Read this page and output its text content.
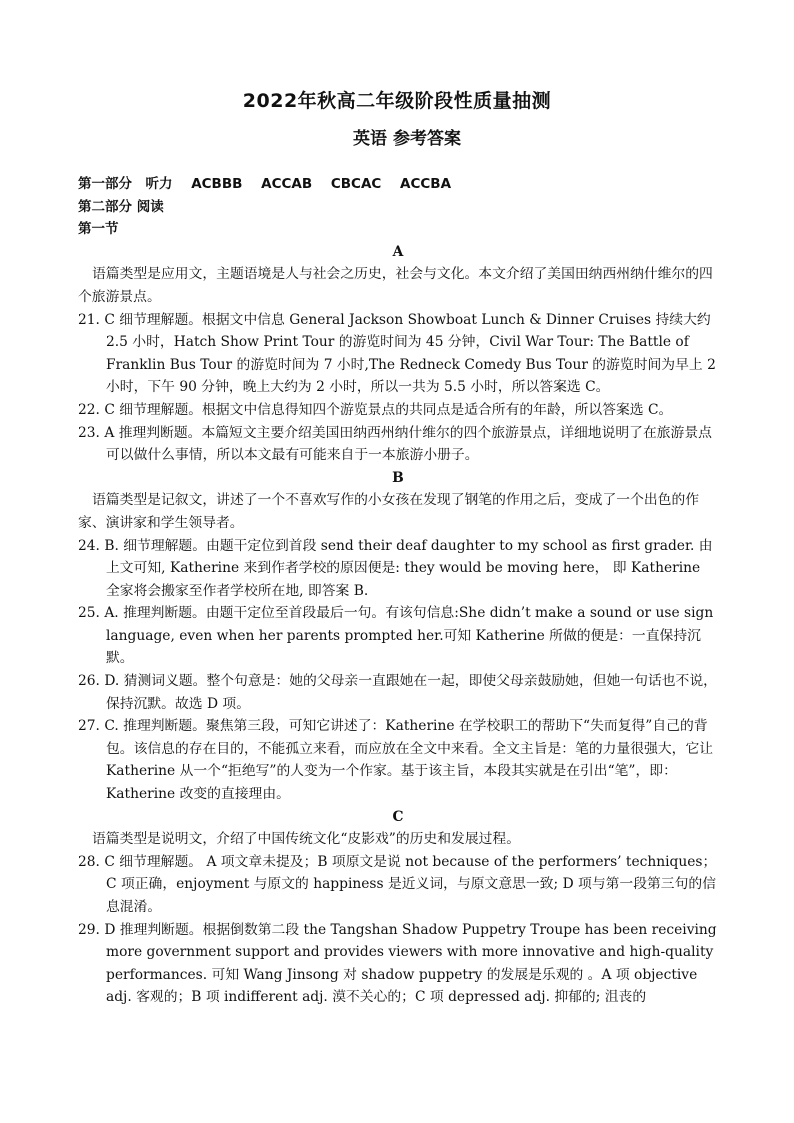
2022年秋高二年级阶段性质量抽测
英语 参考答案

第一部分　听力 ACBBB ACCAB CBCAC ACCBA

第二部分 阅读

第一节

A

语篇类型是应用文，主题语境是人与社会之历史，社会与文化。本文介绍了美国田纳西州纳什维尔的四个旅游景点。

21. C 细节理解题。根据文中信息 General Jackson Showboat Lunch & Dinner Cruises 持续大约 2.5 小时，Hatch Show Print Tour 的游览时间为 45 分钟，Civil War Tour: The Battle of Franklin Bus Tour 的游览时间为 7 小时,The Redneck Comedy Bus Tour 的游览时间为早上 2 小时，下午 90 分钟，晚上大约为 2 小时，所以一共为 5.5 小时，所以答案选 C。

22. C 细节理解题。根据文中信息得知四个游览景点的共同点是适合所有的年龄，所以答案选 C。

23. A 推理判断题。本篇短文主要介绍美国田纳西州纳什维尔的四个旅游景点，详细地说明了在旅游景点可以做什么事情，所以本文最有可能来自于一本旅游小册子。

B

语篇类型是记叙文，讲述了一个不喜欢写作的小女孩在发现了钢笔的作用之后，变成了一个出色的作家、演讲家和学生领导者。

24. B. 细节理解题。由题干定位到首段 send their deaf daughter to my school as first grader. 由上文可知, Katherine 来到作者学校的原因便是: they would be moving here， 即 Katherine 全家将会搬家至作者学校所在地, 即答案 B.

25. A. 推理判断题。由题干定位至首段最后一句。有该句信息:She didn’t make a sound or use sign language, even when her parents prompted her.可知 Katherine 所做的便是：一直保持沉默。

26. D. 猜测词义题。整个句意是：她的父母亲一直跟她在一起，即使父母亲鼓励她，但她一句话也不说，保持沉默。故选 D 项。

27. C. 推理判断题。聚焦第三段，可知它讲述了：Katherine 在学校职工的帮助下“失而复得”自己的背包。该信息的存在目的，不能孤立来看，而应放在全文中来看。全文主旨是：笔的力量很强大，它让 Katherine 从一个“拒绝写”的人变为一个作家。基于该主旨，本段其实就是在引出“笔”，即：Katherine 改变的直接理由。

C

语篇类型是说明文，介绍了中国传统文化“皮影戏”的历史和发展过程。

28. C 细节理解题。 A 项文章未提及；B 项原文是说 not because of the performers’ techniques；C 项正确，enjoyment 与原文的 happiness 是近义词，与原文意思一致; D 项与第一段第三句的信息混淆。

29. D 推理判断题。根据倒数第二段 the Tangshan Shadow Puppetry Troupe has been receiving more government support and provides viewers with more innovative and high-quality performances. 可知 Wang Jinsong 对 shadow puppetry 的发展是乐观的 。A 项 objective adj. 客观的；B 项 indifferent adj. 漠不关心的；C 项 depressed adj. 抑郁的; 沮丧的
